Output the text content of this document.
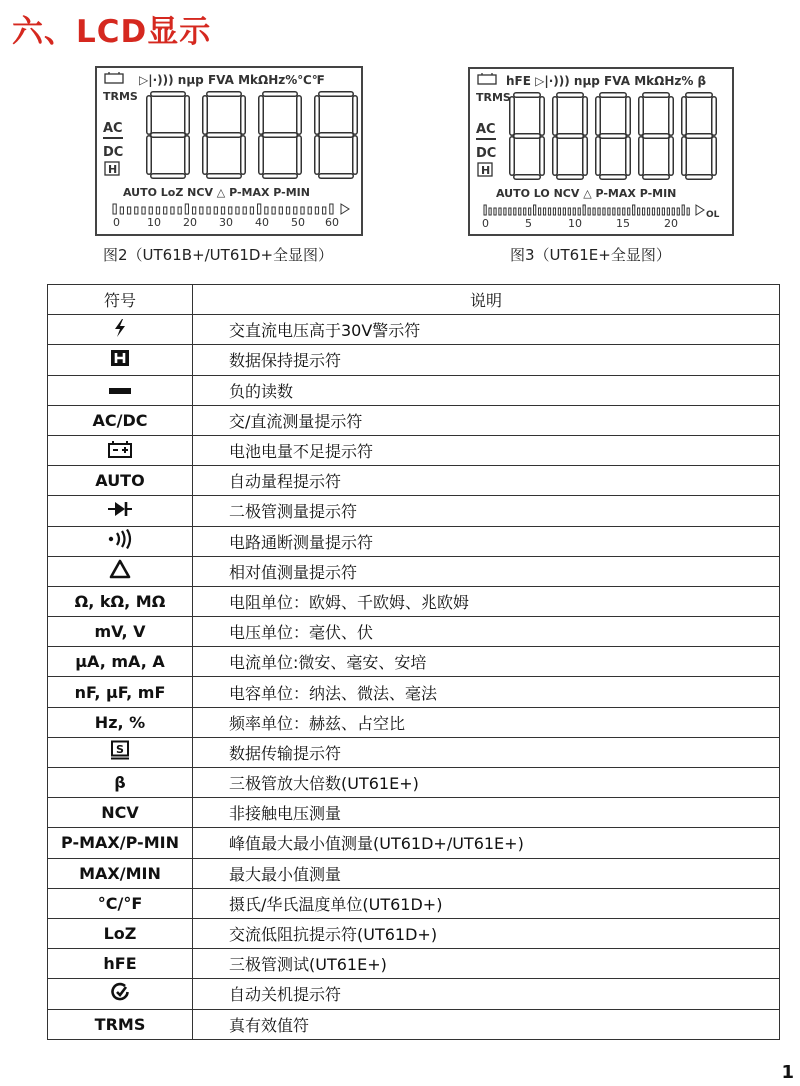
六、LCD显示
▷|·))) nµp FVA MkΩHz%℃℉
TRMS
AC
DC
H
AUTO LoZ NCV △ P-MAX P-MIN
0 10 20 30 40 50 60
图2（UT61B+/UT61D+全显图）
hFE ▷|·))) nµp FVA MkΩHz% β
TRMS
AC
DC
H
AUTO LO NCV △ P-MAX P-MIN
0	5	10	15	20
OL
图3（UT61E+全显图）
符号	说明
	交直流电压高于30V警示符
	数据保持提示符
	负的读数
AC/DC	交/直流测量提示符
	电池电量不足提示符
AUTO	自动量程提示符
	二极管测量提示符
	电路通断测量提示符
	相对值测量提示符
Ω, kΩ, MΩ	电阻单位：欧姆、千欧姆、兆欧姆
mV, V	电压单位：毫伏、伏
µA, mA, A	电流单位:微安、毫安、安培
nF, µF, mF	电容单位：纳法、微法、毫法
Hz, %	频率单位：赫兹、占空比

S	数据传输提示符
β	三极管放大倍数(UT61E+)
NCV	非接触电压测量
P-MAX/P-MIN	峰值最大最小值测量(UT61D+/UT61E+)
MAX/MIN	最大最小值测量
°C/°F	摄氏/华氏温度单位(UT61D+)
LoZ	交流低阻抗提示符(UT61D+)
hFE	三极管测试(UT61E+)
	自动关机提示符
TRMS	真有效值符
1
